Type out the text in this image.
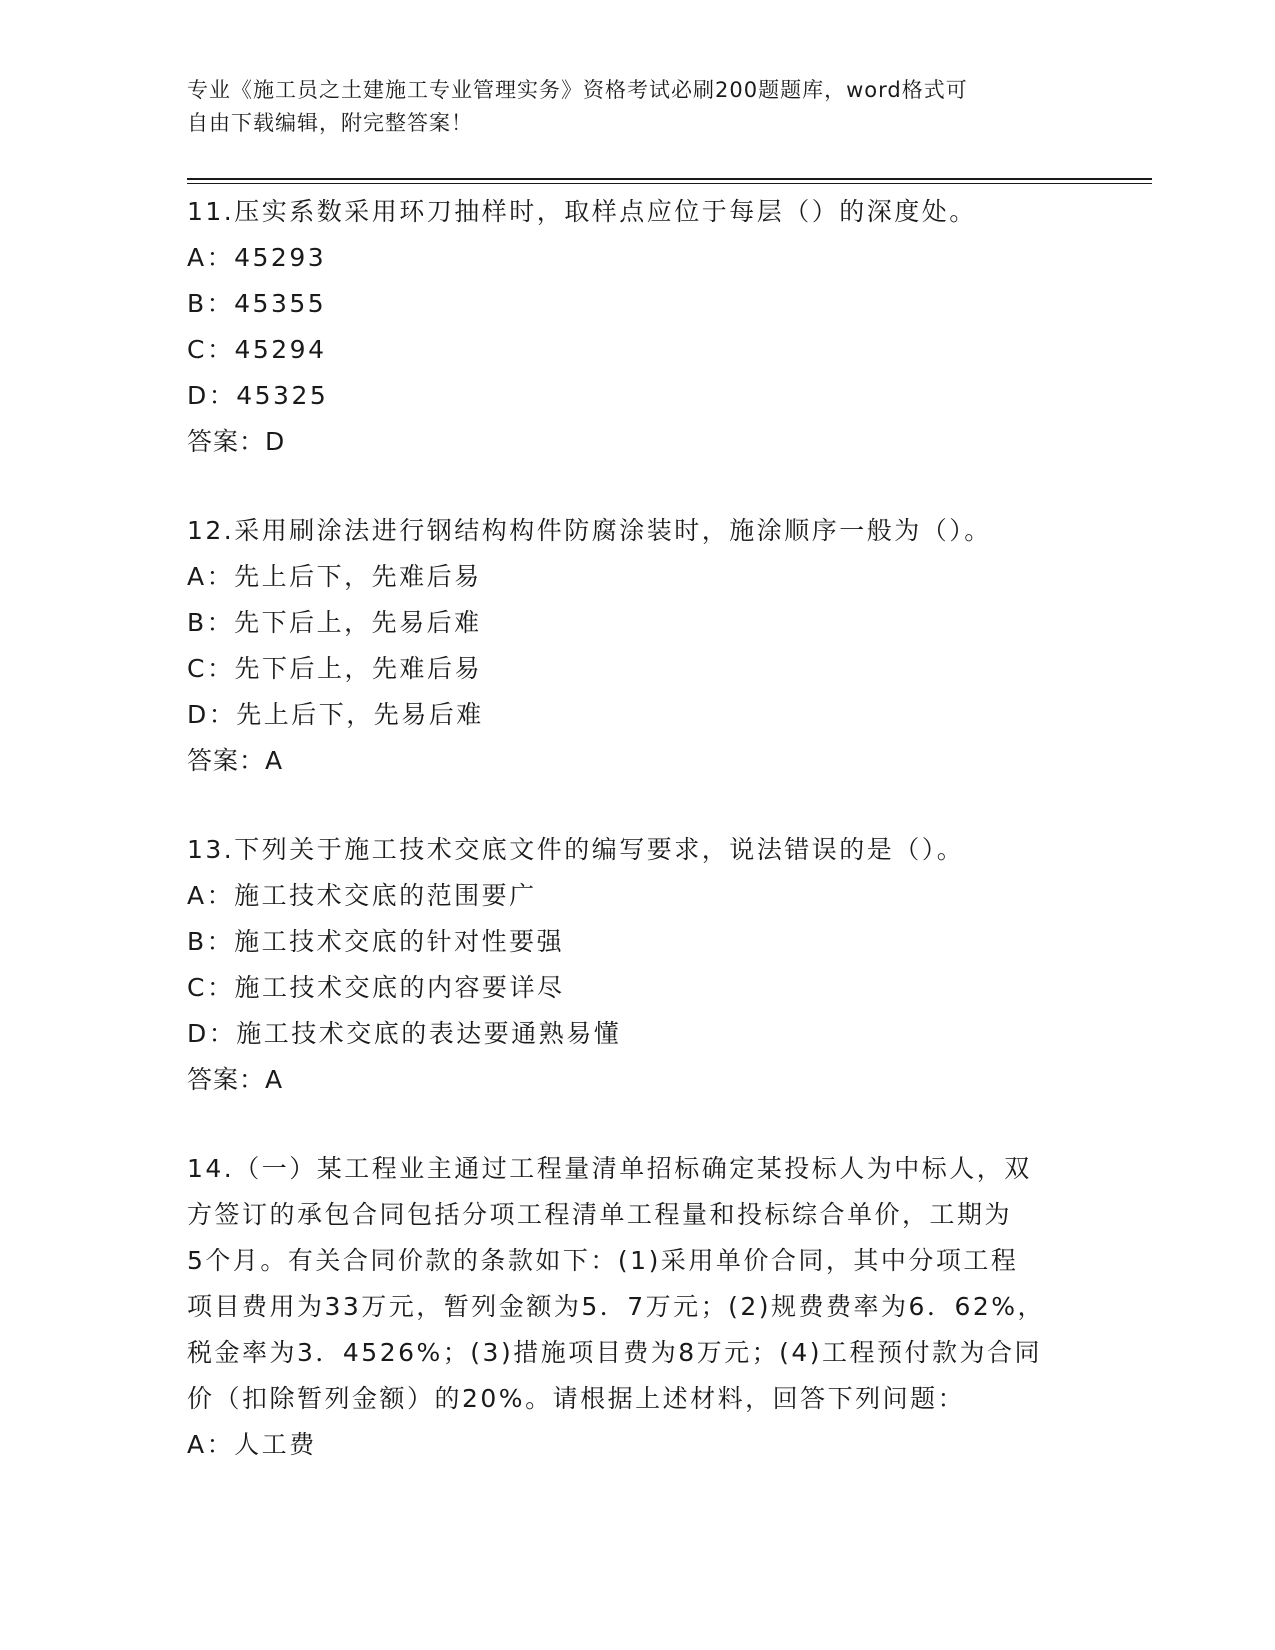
专业《施工员之土建施工专业管理实务》资格考试必刷200题题库，word格式可
自由下载编辑，附完整答案！
11.压实系数采用环刀抽样时，取样点应位于每层（）的深度处。
A：45293
B：45355
C：45294
D：45325
答案：D
12.采用刷涂法进行钢结构构件防腐涂装时，施涂顺序一般为（）。
A：先上后下，先难后易
B：先下后上，先易后难
C：先下后上，先难后易
D：先上后下，先易后难
答案：A
13.下列关于施工技术交底文件的编写要求，说法错误的是（）。
A：施工技术交底的范围要广
B：施工技术交底的针对性要强
C：施工技术交底的内容要详尽
D：施工技术交底的表达要通熟易懂
答案：A
14.（一）某工程业主通过工程量清单招标确定某投标人为中标人，双
方签订的承包合同包括分项工程清单工程量和投标综合单价，工期为
5个月。有关合同价款的条款如下：(1)采用单价合同，其中分项工程
项目费用为33万元，暂列金额为5．7万元；(2)规费费率为6．62%，
税金率为3．4526%；(3)措施项目费为8万元；(4)工程预付款为合同
价（扣除暂列金额）的20%。请根据上述材料，回答下列问题：
A：人工费
